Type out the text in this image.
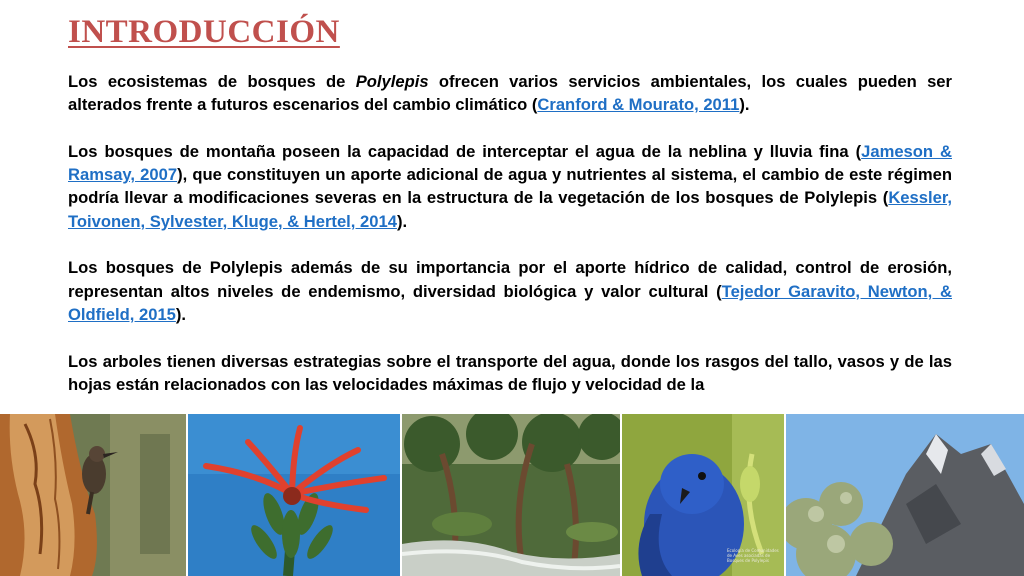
INTRODUCCIÓN

Los ecosistemas de bosques de Polylepis ofrecen varios servicios ambientales, los cuales pueden ser alterados frente a futuros escenarios del cambio climático (Cranford & Mourato, 2011).

Los bosques de montaña poseen la capacidad de interceptar el agua de la neblina y lluvia fina (Jameson & Ramsay, 2007), que constituyen un aporte adicional de agua y nutrientes al sistema, el cambio de este régimen podría llevar a modificaciones severas en la estructura de la vegetación de los bosques de Polylepis (Kessler, Toivonen, Sylvester, Kluge, & Hertel, 2014).

Los bosques de Polylepis además de su importancia por el aporte hídrico de calidad, control de erosión, representan altos niveles de endemismo, diversidad biológica y valor cultural (Tejedor Garavito, Newton, & Oldfield, 2015).

Los arboles tienen diversas estrategias sobre el transporte del agua, donde los rasgos del tallo, vasos y de las hojas están relacionados con las velocidades máximas de flujo y velocidad de la

Ecología de Comunidades de Aves asociadas de Bosques de Polylepis
